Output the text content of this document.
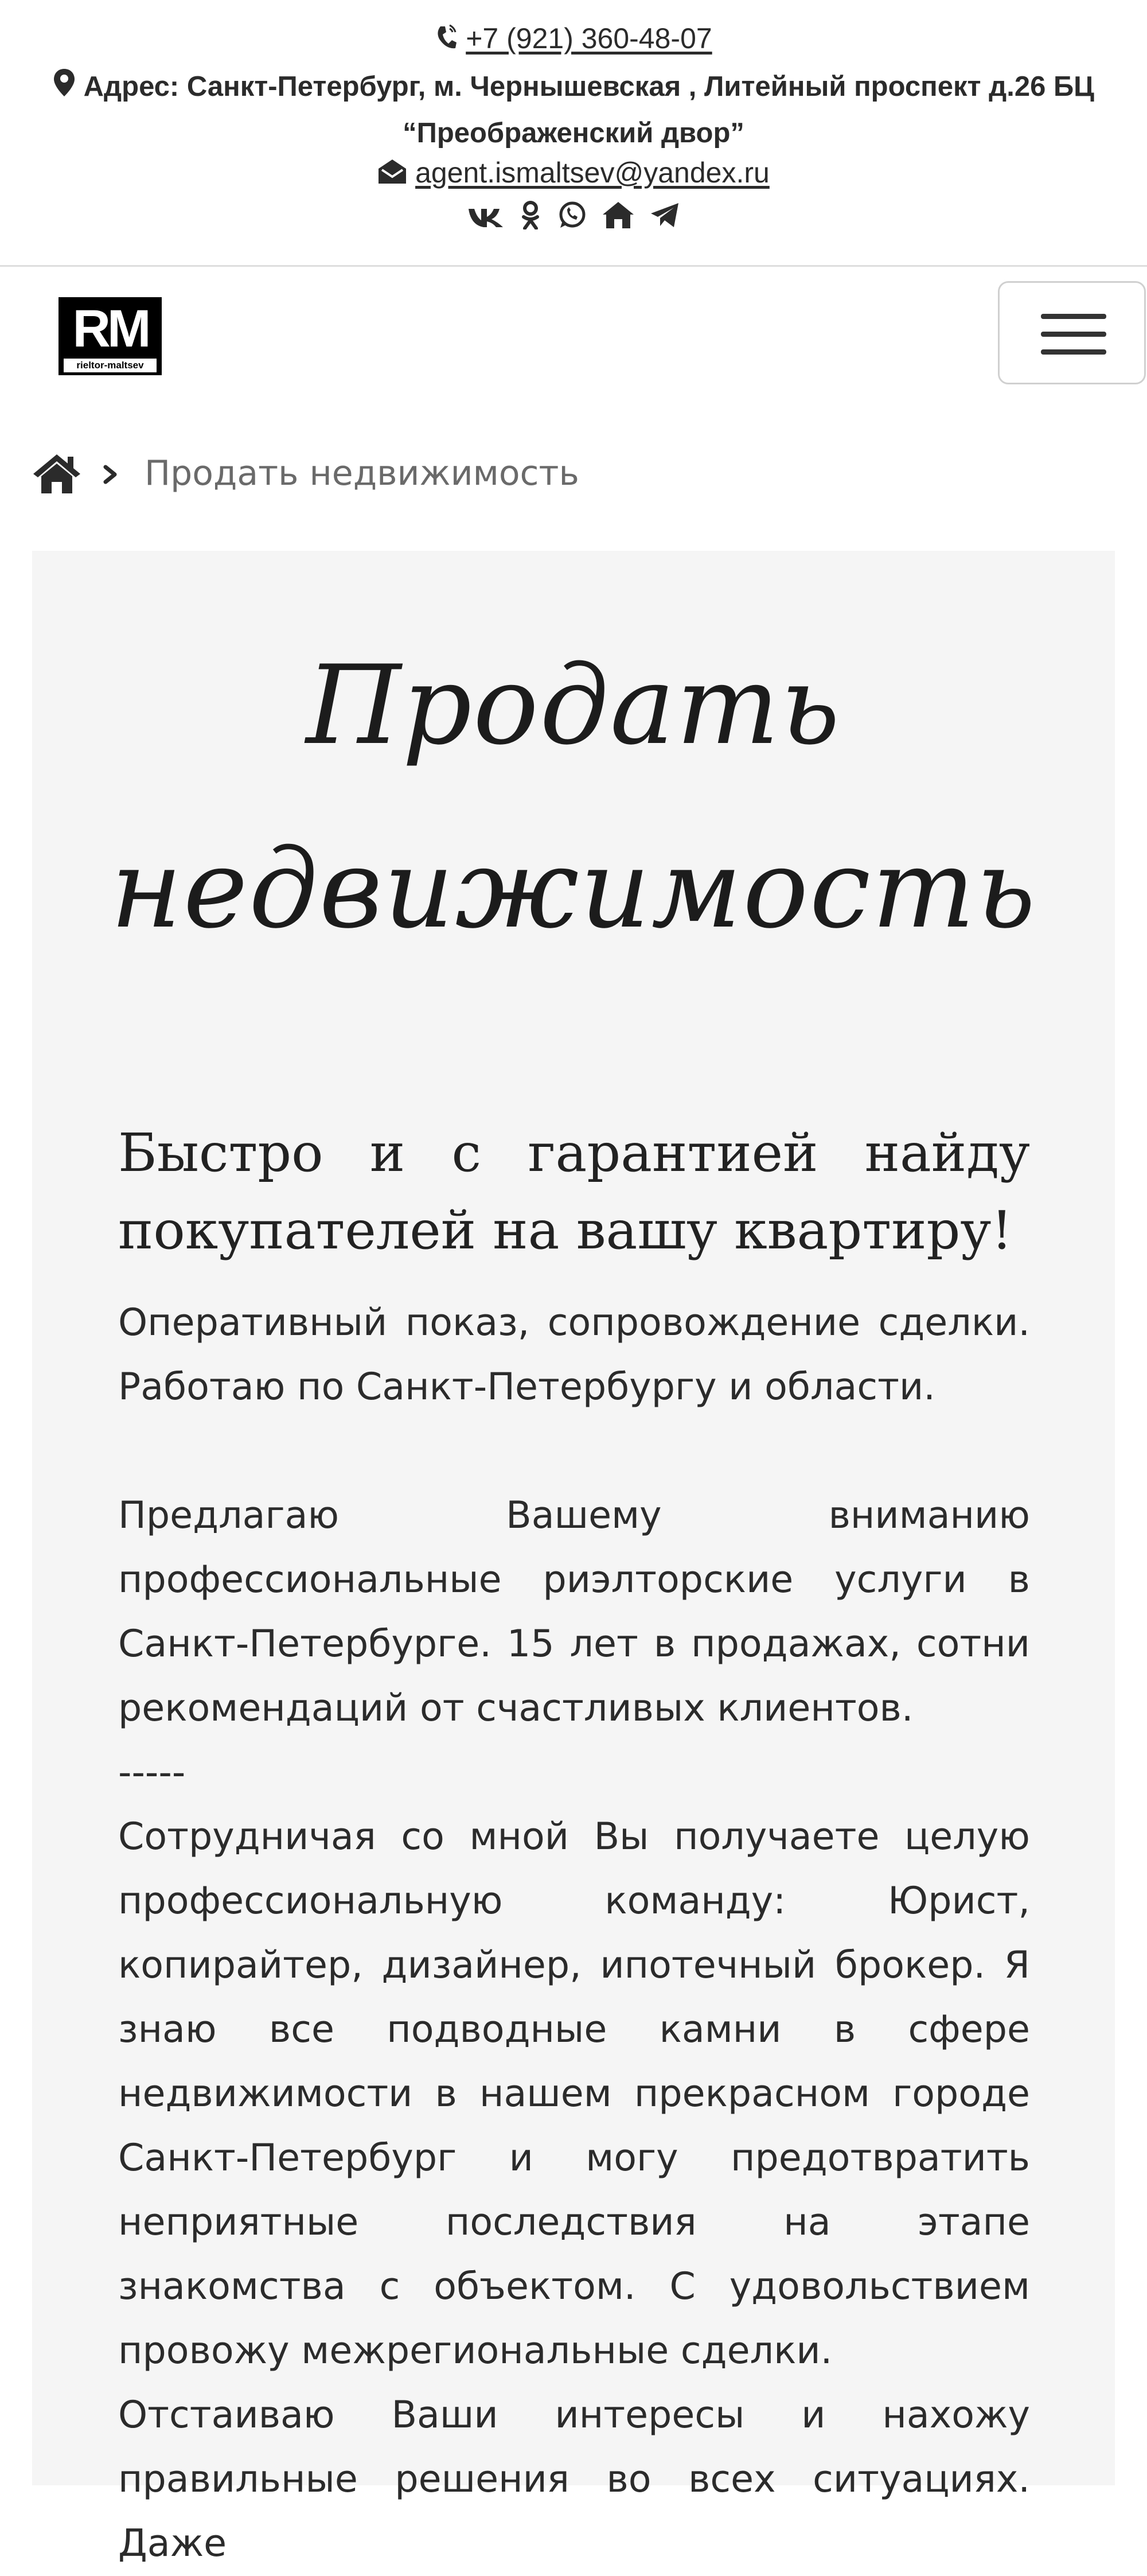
+7 (921) 360-48-07
Адрес: Санкт-Петербург, м. Чернышевская , Литейный проспект д.26 БЦ “Преображенский двор”
agent.ismaltsev@yandex.ru

RM
rieltor-maltsev
Продать недвижимость
Продать
недвижимость
Быстро и с гарантией найду покупателей на вашу квартиру!
Оперативный показ, сопровождение сделки. Работаю по Санкт-Петербургу и области.
Предлагаю Вашему вниманию профессиональные риэлторские услуги в Санкт-Петербурге. 15 лет в продажах, сотни рекомендаций от счастливых клиентов.
-----
Сотрудничая со мной Вы получаете целую профессиональную команду: Юрист, копирайтер, дизайнер, ипотечный брокер. Я знаю все подводные камни в сфере недвижимости в нашем прекрасном городе Санкт-Петербург и могу предотвратить неприятные последствия на этапе знакомства с объектом. С удовольствием провожу межрегиональные сделки.
Отстаиваю Ваши интересы и нахожу правильные решения во всех ситуациях. Даже
